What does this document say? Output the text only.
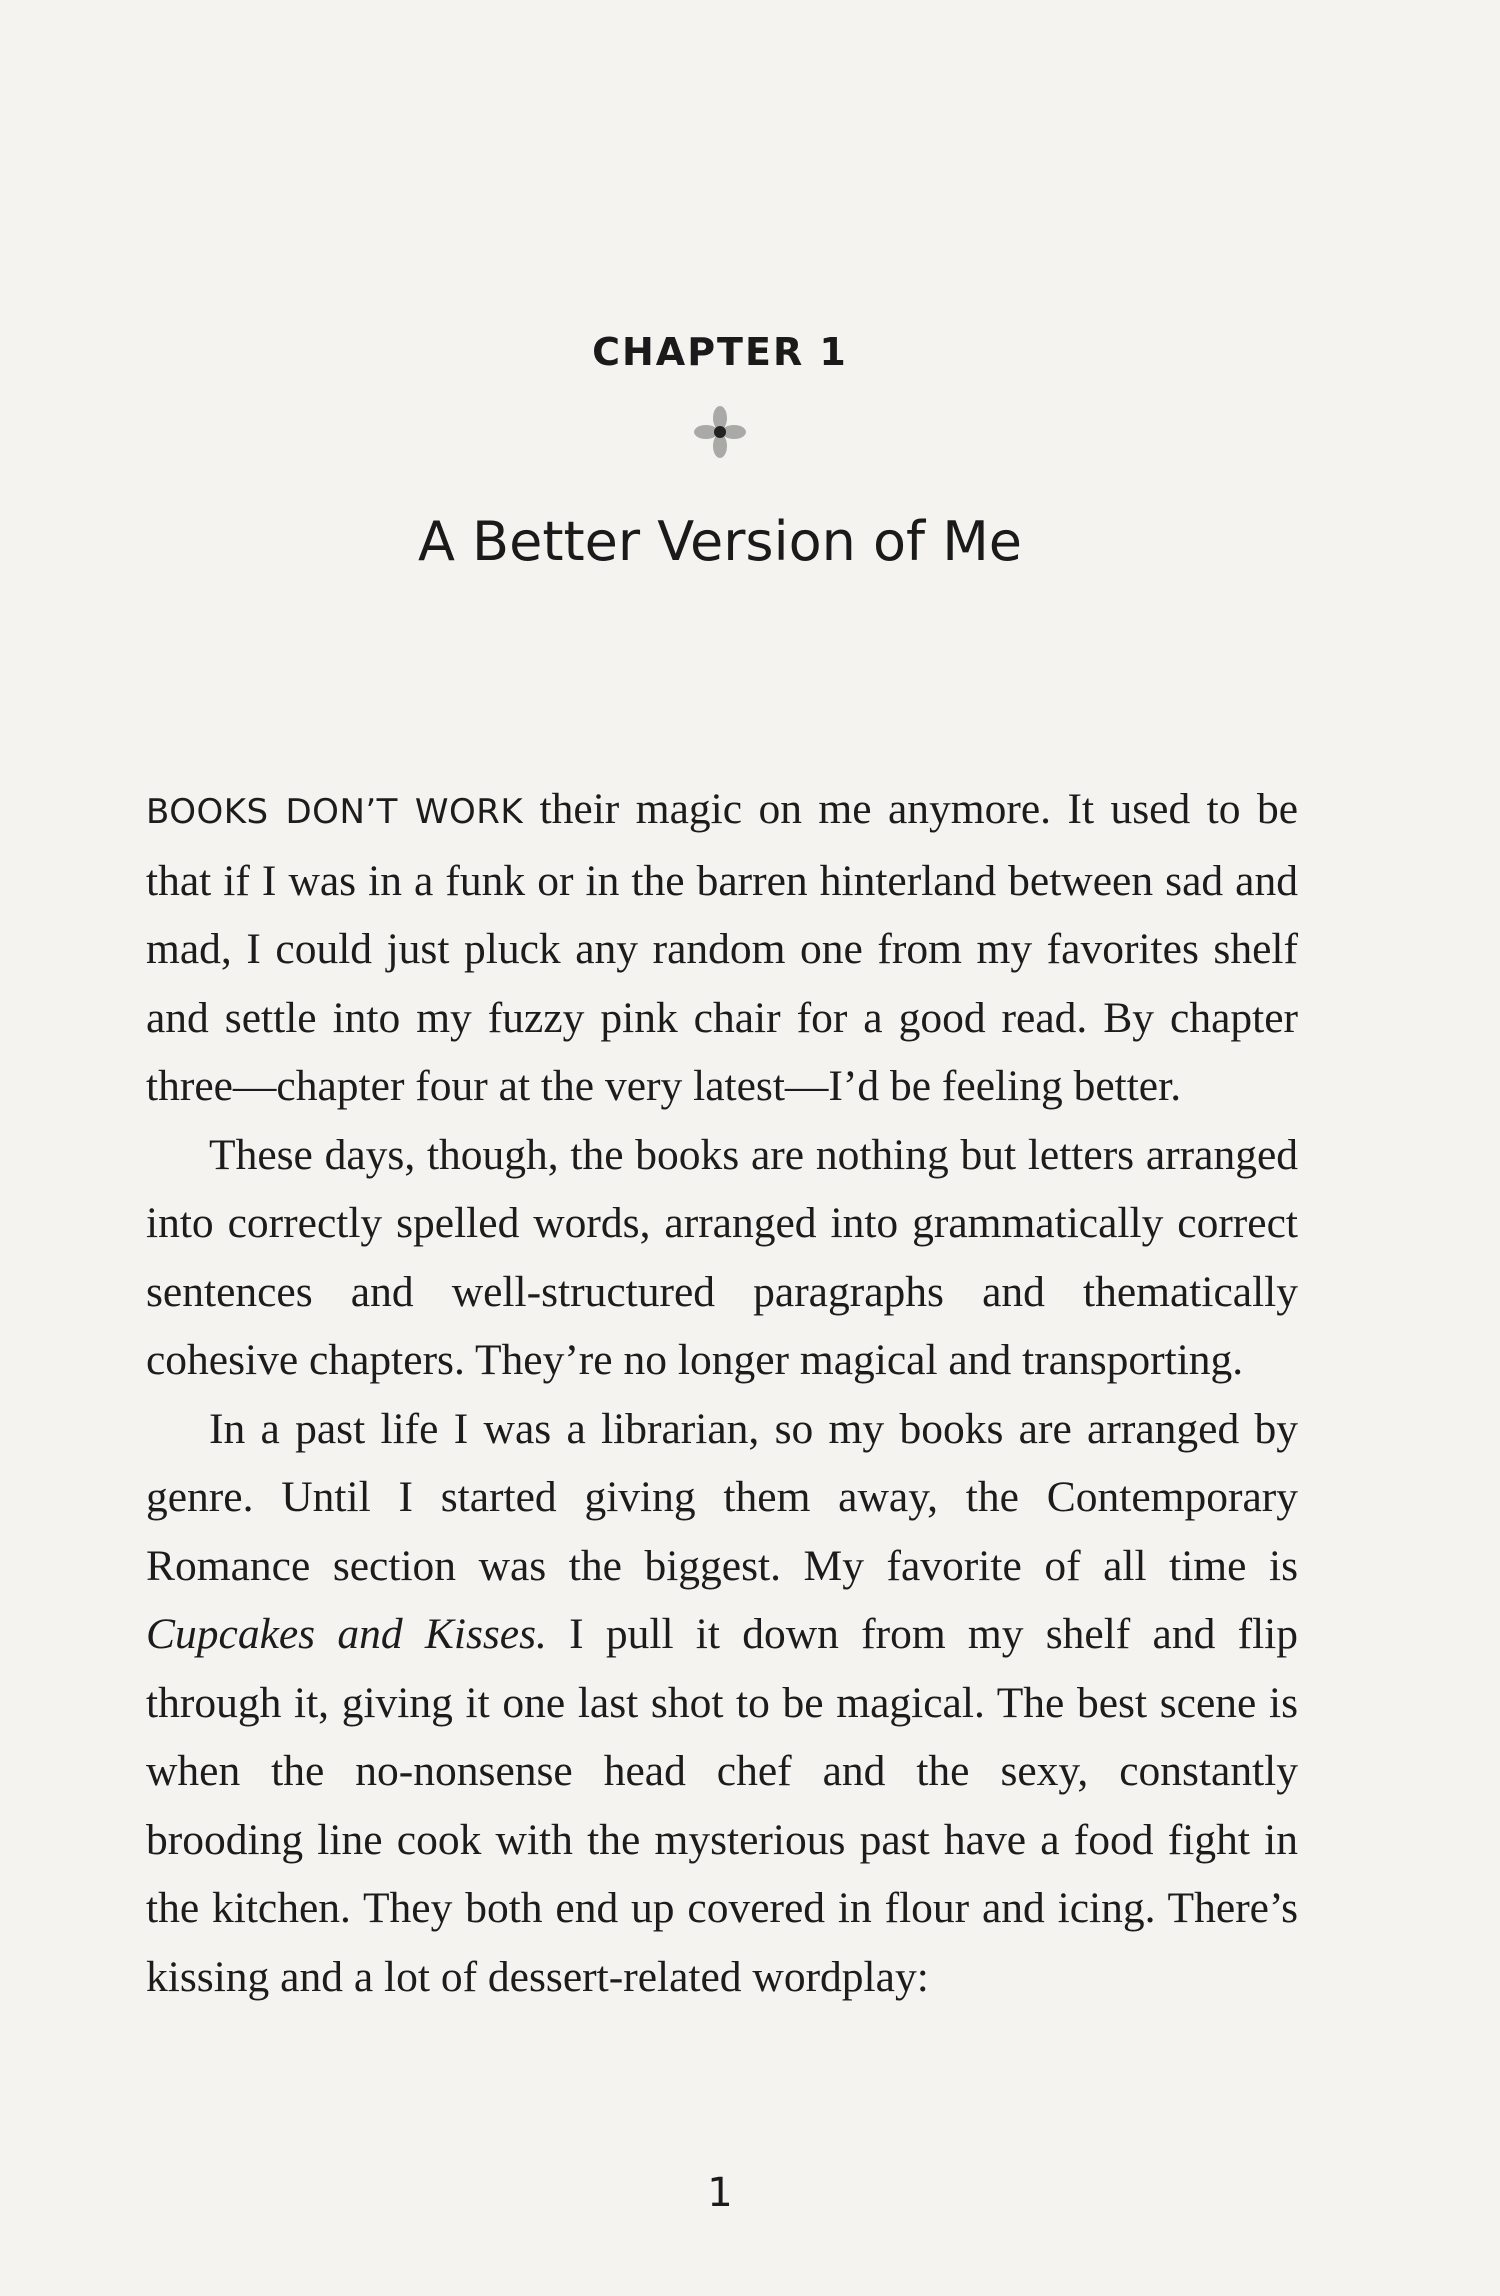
CHAPTER 1
A Better Version of Me

BOOKS DON’T WORK their magic on me anymore. It used to be that if I was in a funk or in the barren hinterland between sad and mad, I could just pluck any random one from my favorites shelf and settle into my fuzzy pink chair for a good read. By chapter three—chapter four at the very latest—I’d be feeling better.

These days, though, the books are nothing but letters arranged into correctly spelled words, arranged into grammatically correct sentences and well-structured paragraphs and thematically cohesive chapters. They’re no longer magical and transporting.

In a past life I was a librarian, so my books are arranged by genre. Until I started giving them away, the Contemporary Romance section was the biggest. My favorite of all time is Cupcakes and Kisses. I pull it down from my shelf and flip through it, giving it one last shot to be magical. The best scene is when the no-nonsense head chef and the sexy, constantly brooding line cook with the mysterious past have a food fight in the kitchen. They both end up covered in flour and icing. There’s kissing and a lot of dessert-related wordplay:

1
